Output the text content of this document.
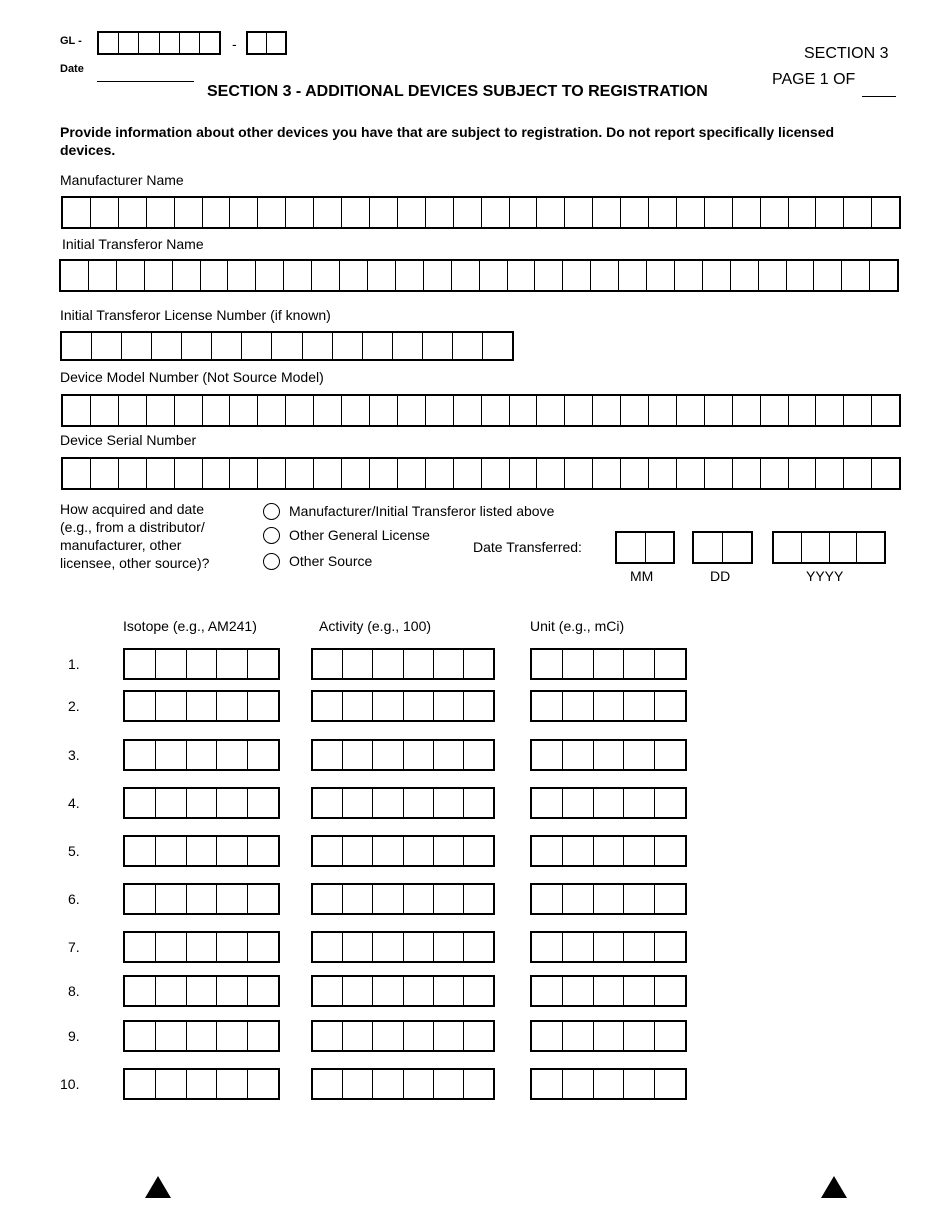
GL -	-
Date
SECTION 3
PAGE 1 OF
SECTION 3 - ADDITIONAL DEVICES SUBJECT TO REGISTRATION
Provide information about other devices you have that are subject to registration. Do not report specifically licensed devices.
Manufacturer Name
Initial Transferor Name
Initial Transferor License Number (if known)
Device Model Number (Not Source Model)
Device Serial Number
How acquired and date
(e.g., from a distributor/
manufacturer, other
licensee, other source)?
Manufacturer/Initial Transferor listed above
Other General License
Other Source
Date Transferred:
MM	DD	YYYY
Isotope (e.g., AM241)	Activity (e.g., 100)	Unit (e.g., mCi)
1.
2.
3.
4.
5.
6.
7.
8.
9.
10.
